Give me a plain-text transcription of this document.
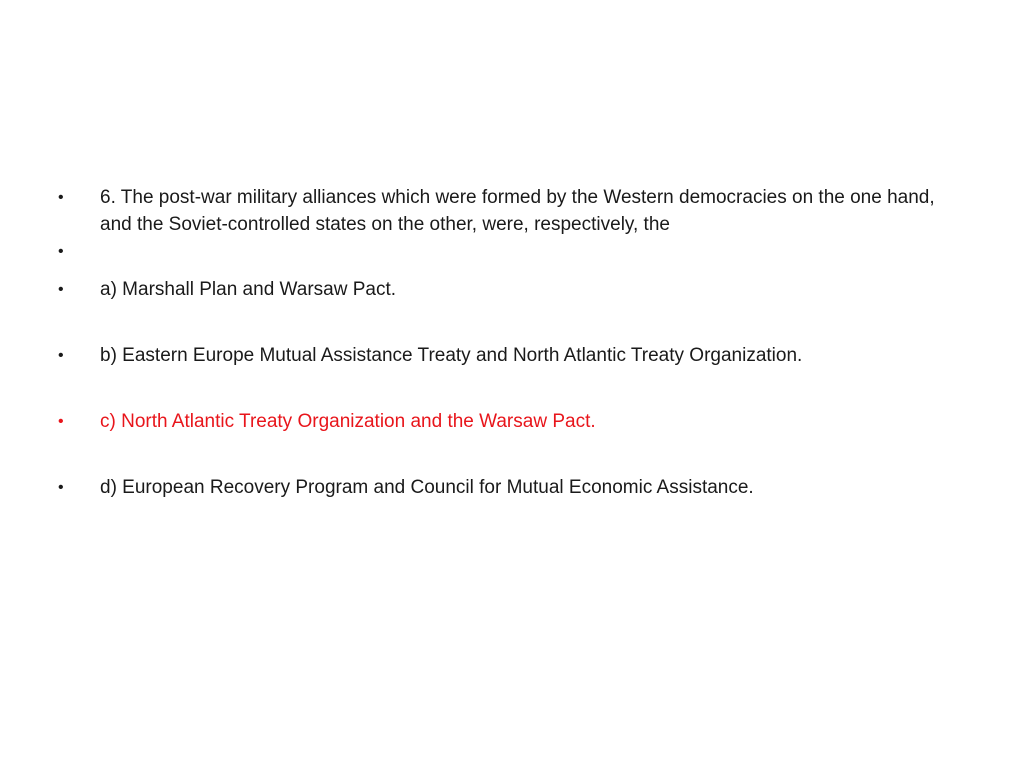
•	6. The post-war military alliances which were formed by the Western democracies on the one hand, and the Soviet-controlled states on the other, were, respectively, the
•
•	a) Marshall Plan and Warsaw Pact.
•	b) Eastern Europe Mutual Assistance Treaty and North Atlantic Treaty Organization.
•	c) North Atlantic Treaty Organization and the Warsaw Pact.
•	d) European Recovery Program and Council for Mutual Economic Assistance.
